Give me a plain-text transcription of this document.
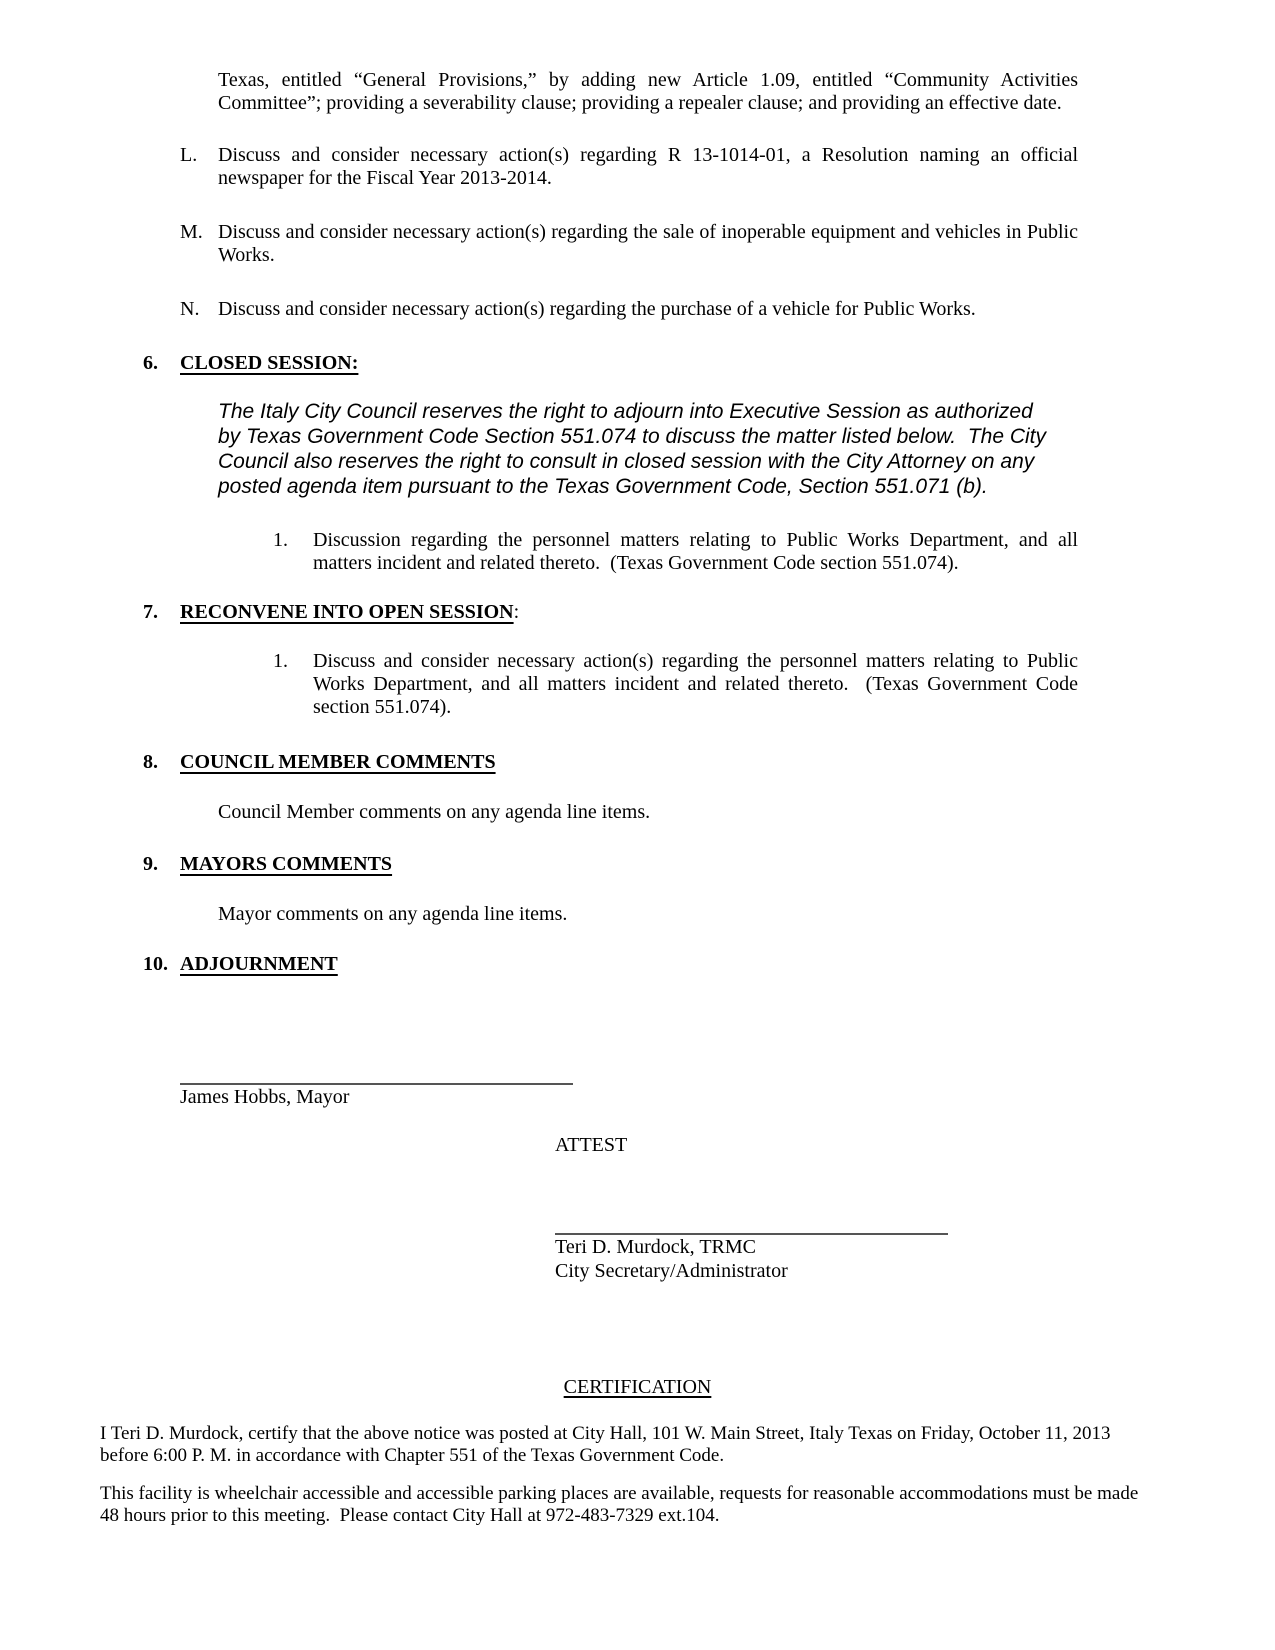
Texas, entitled “General Provisions,” by adding new Article 1.09, entitled “Community Activities Committee”; providing a severability clause; providing a repealer clause; and providing an effective date.
L.	Discuss and consider necessary action(s) regarding R 13-1014-01, a Resolution naming an official newspaper for the Fiscal Year 2013-2014.
M. Discuss and consider necessary action(s) regarding the sale of inoperable equipment and vehicles in Public Works.
N. Discuss and consider necessary action(s) regarding the purchase of a vehicle for Public Works.
6.	CLOSED SESSION:
The Italy City Council reserves the right to adjourn into Executive Session as authorized by Texas Government Code Section 551.074 to discuss the matter listed below.  The City Council also reserves the right to consult in closed session with the City Attorney on any posted agenda item pursuant to the Texas Government Code, Section 551.071 (b).
1.	Discussion regarding the personnel matters relating to Public Works Department, and all matters incident and related thereto.  (Texas Government Code section 551.074).
7.	RECONVENE INTO OPEN SESSION :
1.	Discuss and consider necessary action(s) regarding the personnel matters relating to Public Works Department, and all matters incident and related thereto.  (Texas Government Code section 551.074).
8.	COUNCIL MEMBER COMMENTS
Council Member comments on any agenda line items.
9.	MAYORS COMMENTS
Mayor comments on any agenda line items.
10. ADJOURNMENT
James Hobbs, Mayor
ATTEST
Teri D. Murdock, TRMC
City Secretary/Administrator
CERTIFICATION
I Teri D. Murdock, certify that the above notice was posted at City Hall, 101 W. Main Street, Italy Texas on Friday, October 11, 2013 before 6:00 P. M. in accordance with Chapter 551 of the Texas Government Code.
This facility is wheelchair accessible and accessible parking places are available, requests for reasonable accommodations must be made 48 hours prior to this meeting.  Please contact City Hall at 972-483-7329 ext.104.
